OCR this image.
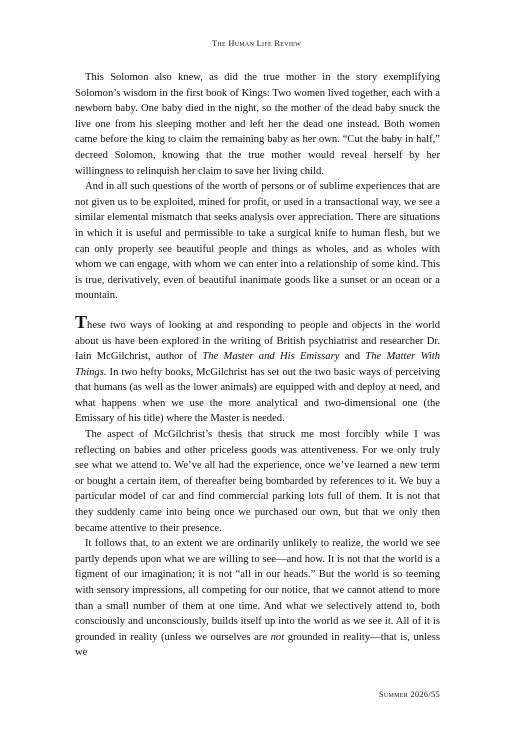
The Human Life Review

This Solomon also knew, as did the true mother in the story exemplifying Solomon’s wisdom in the first book of Kings: Two women lived together, each with a newborn baby. One baby died in the night, so the mother of the dead baby snuck the live one from his sleeping mother and left her the dead one instead. Both women came before the king to claim the remaining baby as her own. “Cut the baby in half,” decreed Solomon, knowing that the true mother would reveal herself by her willingness to relinquish her claim to save her living child.

And in all such questions of the worth of persons or of sublime experiences that are not given us to be exploited, mined for profit, or used in a transactional way, we see a similar elemental mismatch that seeks analysis over appreciation. There are situations in which it is useful and permissible to take a surgical knife to human flesh, but we can only properly see beautiful people and things as wholes, and as wholes with whom we can engage, with whom we can enter into a relationship of some kind. This is true, derivatively, even of beautiful inanimate goods like a sunset or an ocean or a mountain.

These two ways of looking at and responding to people and objects in the world about us have been explored in the writing of British psychiatrist and researcher Dr. Iain McGilchrist, author of The Master and His Emissary and The Matter With Things. In two hefty books, McGilchrist has set out the two basic ways of perceiving that humans (as well as the lower animals) are equipped with and deploy at need, and what happens when we use the more analytical and two-dimensional one (the Emissary of his title) where the Master is needed.

The aspect of McGilchrist’s thesis that struck me most forcibly while I was reflecting on babies and other priceless goods was attentiveness. For we only truly see what we attend to. We’ve all had the experience, once we’ve learned a new term or bought a certain item, of thereafter being bombarded by references to it. We buy a particular model of car and find commercial parking lots full of them. It is not that they suddenly came into being once we purchased our own, but that we only then became attentive to their presence.

It follows that, to an extent we are ordinarily unlikely to realize, the world we see partly depends upon what we are willing to see—and how. It is not that the world is a figment of our imagination; it is not “all in our heads.” But the world is so teeming with sensory impressions, all competing for our notice, that we cannot attend to more than a small number of them at one time. And what we selectively attend to, both consciously and unconsciously, builds itself up into the world as we see it. All of it is grounded in reality (unless we ourselves are not grounded in reality—that is, unless we

Summer 2026/55
